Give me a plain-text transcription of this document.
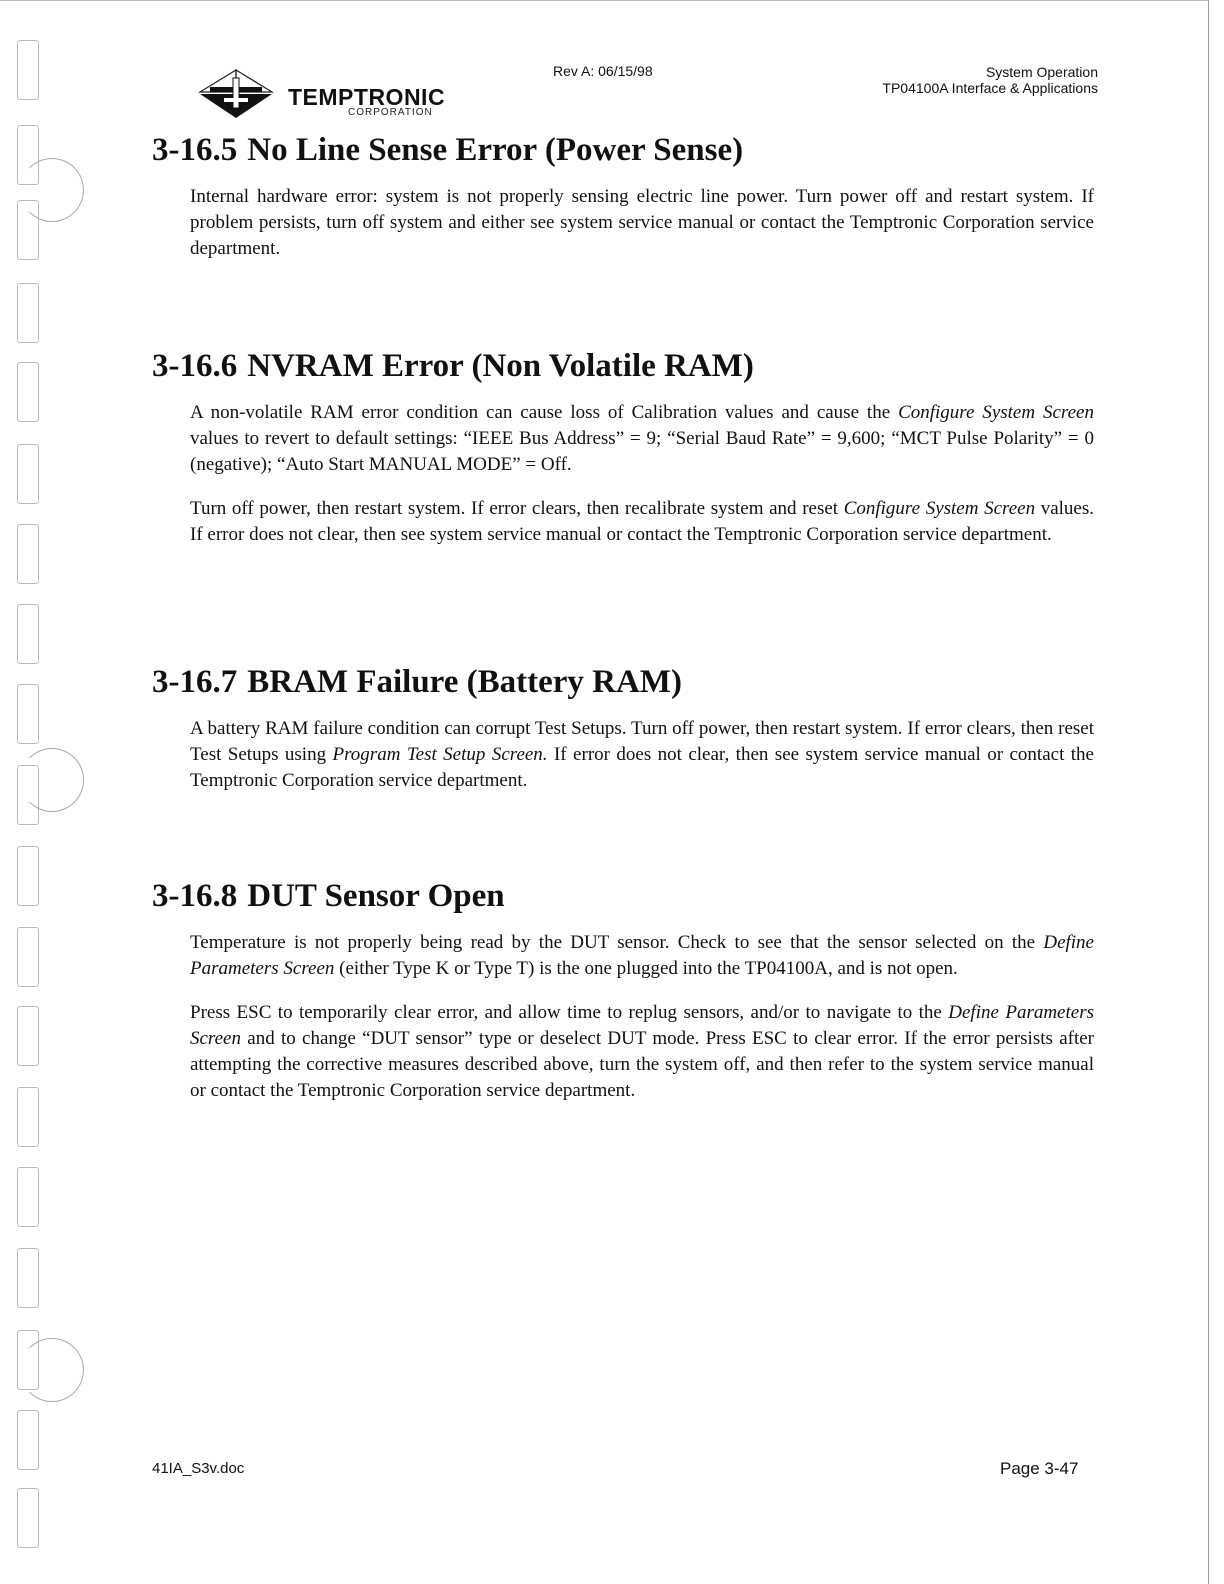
TEMPTRONIC
CORPORATION
Rev A: 06/15/98	System Operation
TP04100A Interface & Applications
3-16.5 No Line Sense Error (Power Sense)

Internal hardware error: system is not properly sensing electric line power. Turn power off and restart system. If problem persists, turn off system and either see system service manual or contact the Temptronic Corporation service department.

3-16.6 NVRAM Error (Non Volatile RAM)

A non-volatile RAM error condition can cause loss of Calibration values and cause the Configure System Screen values to revert to default settings: “IEEE Bus Address” = 9; “Serial Baud Rate” = 9,600; “MCT Pulse Polarity” = 0 (negative); “Auto Start MANUAL MODE” = Off.

Turn off power, then restart system. If error clears, then recalibrate system and reset Configure System Screen values. If error does not clear, then see system service manual or contact the Temptronic Corporation service department.

3-16.7 BRAM Failure (Battery RAM)

A battery RAM failure condition can corrupt Test Setups. Turn off power, then restart system. If error clears, then reset Test Setups using Program Test Setup Screen. If error does not clear, then see system service manual or contact the Temptronic Corporation service department.

3-16.8 DUT Sensor Open

Temperature is not properly being read by the DUT sensor. Check to see that the sensor selected on the Define Parameters Screen (either Type K or Type T) is the one plugged into the TP04100A, and is not open.

Press ESC to temporarily clear error, and allow time to replug sensors, and/or to navigate to the Define Parameters Screen and to change “DUT sensor” type or deselect DUT mode. Press ESC to clear error. If the error persists after attempting the corrective measures described above, turn the system off, and then refer to the system service manual or contact the Temptronic Corporation service department.

41IA_S3v.doc	Page 3-47
